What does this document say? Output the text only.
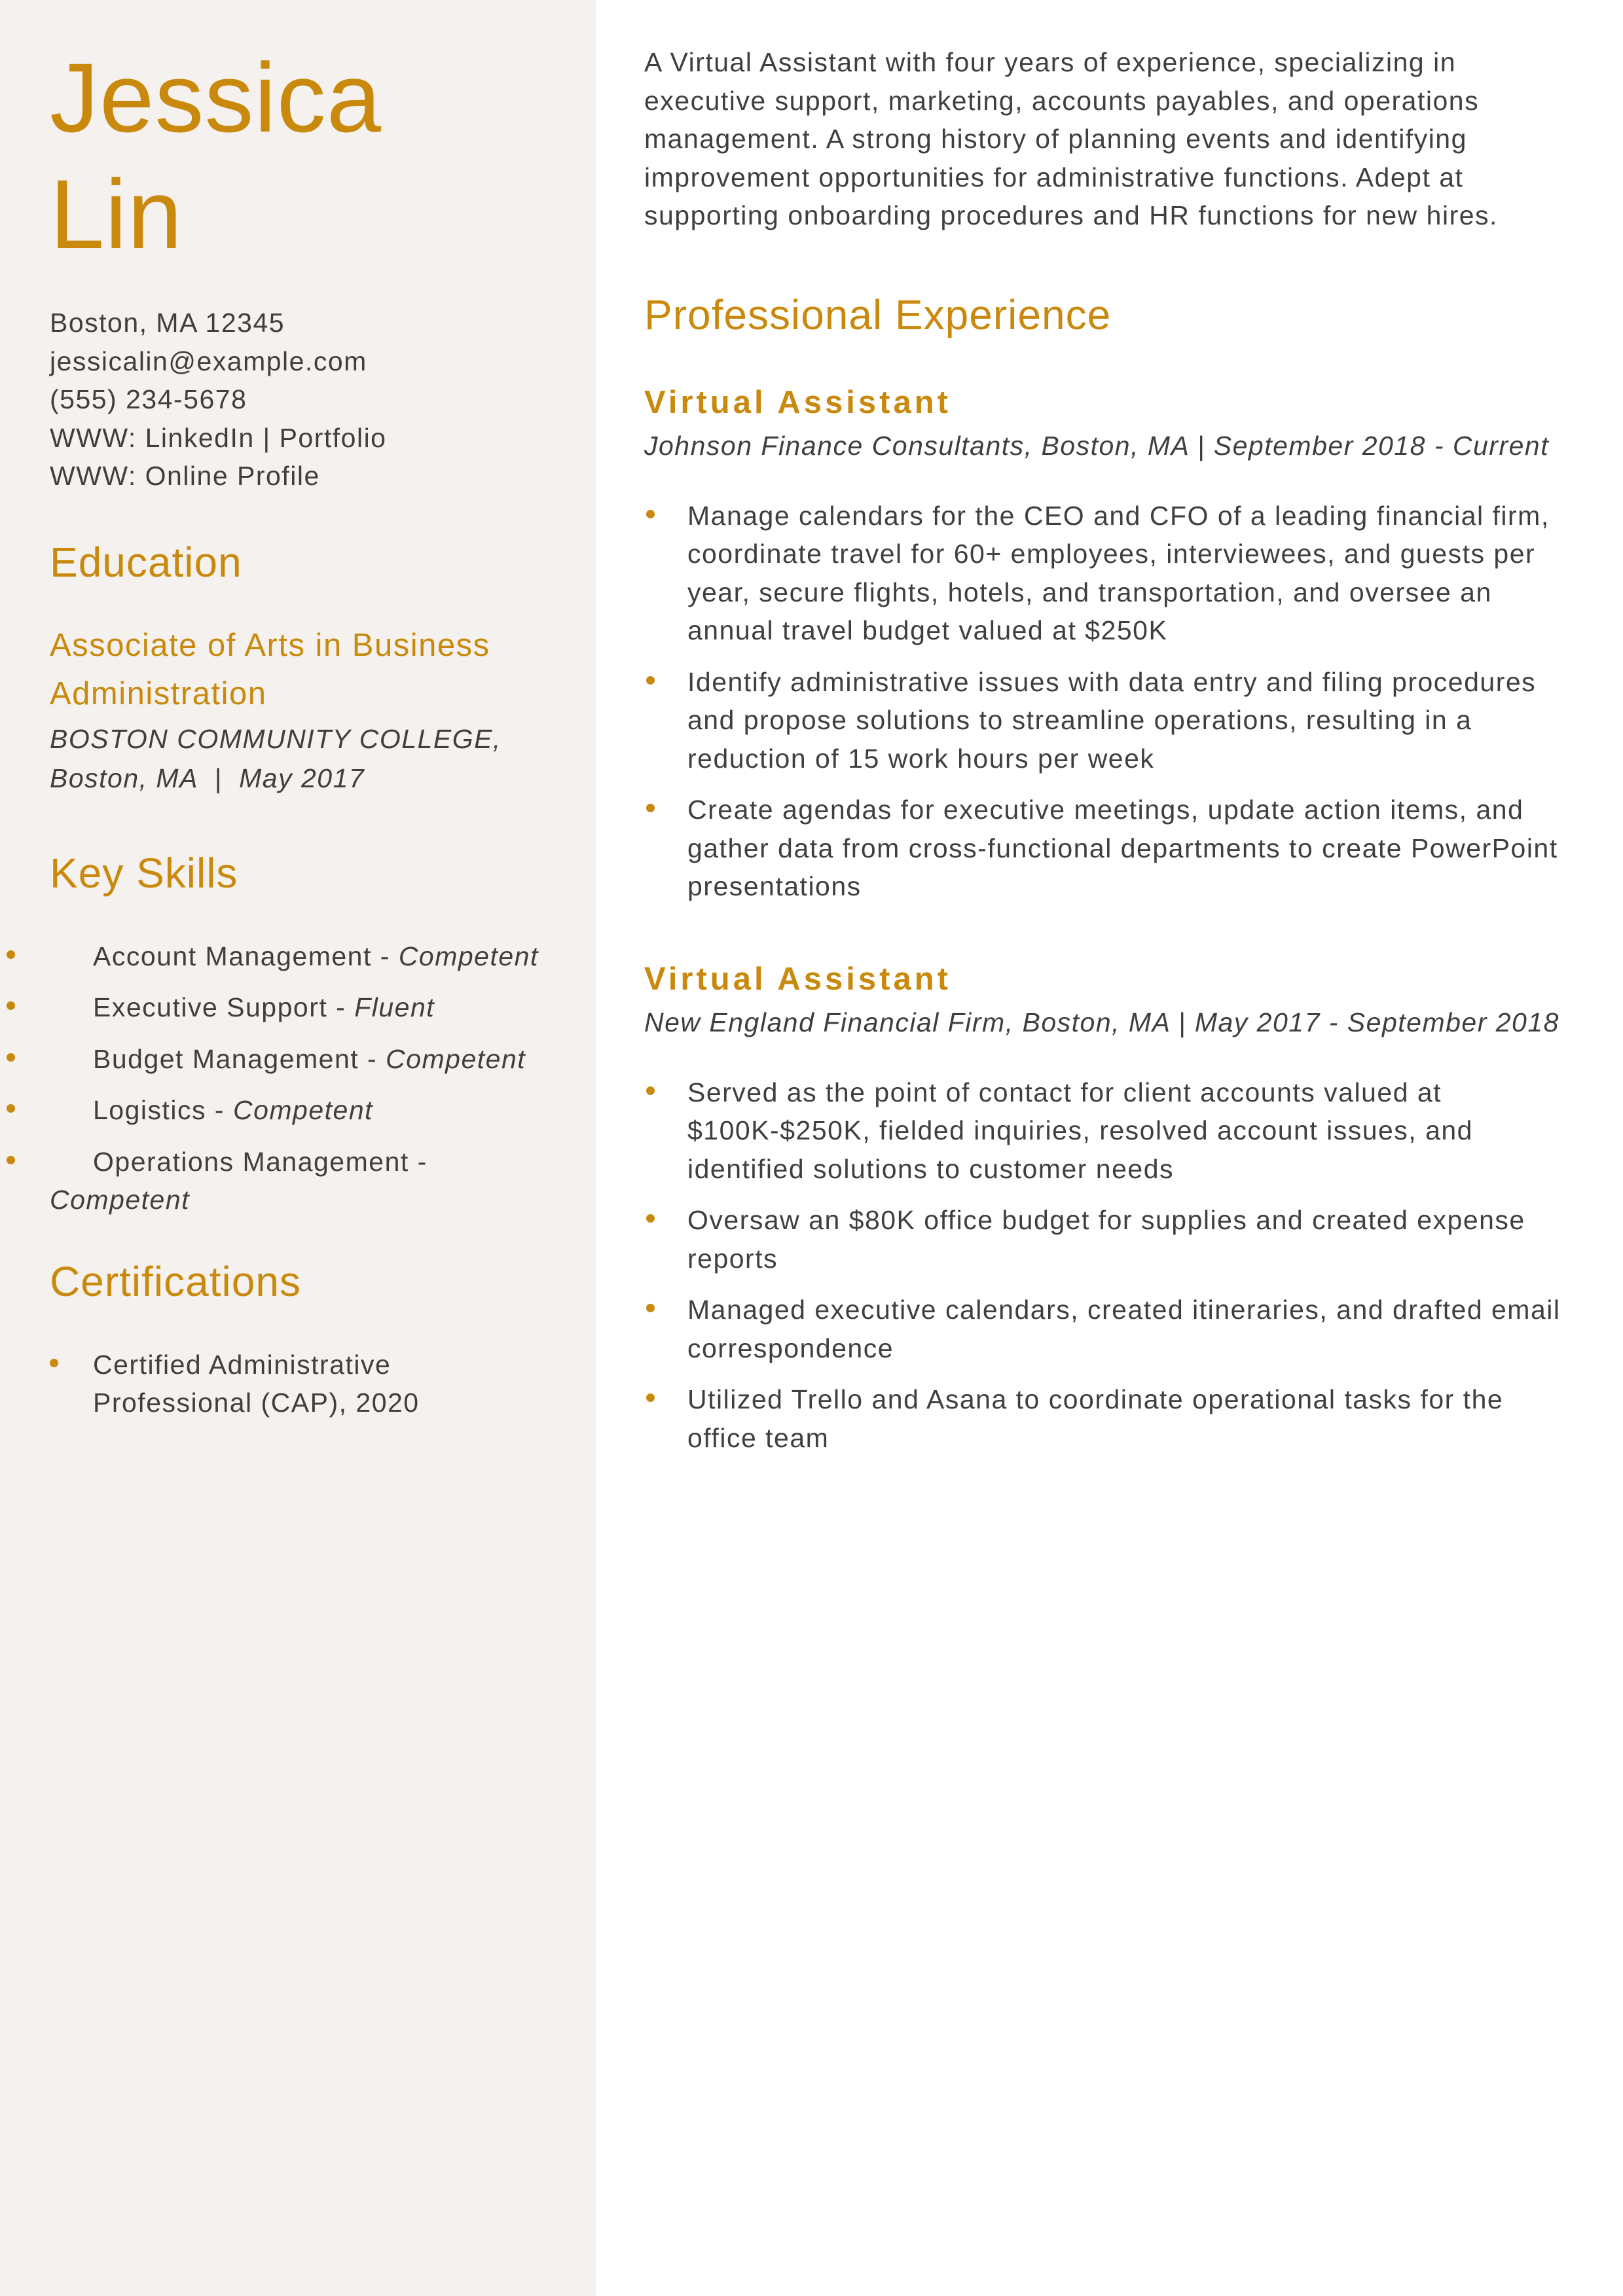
Jessica
Lin
Boston, MA 12345
jessicalin@example.com
(555) 234-5678
WWW: LinkedIn | Portfolio
WWW: Online Profile
Education
Associate of Arts in Business Administration
BOSTON COMMUNITY COLLEGE,
Boston, MA  |  May 2017
Key Skills
Account Management - Competent
Executive Support - Fluent
Budget Management - Competent
Logistics - Competent
Operations Management - Competent
Certifications
Certified Administrative Professional (CAP), 2020

A Virtual Assistant with four years of experience, specializing in executive support, marketing, accounts payables, and operations management. A strong history of planning events and identifying improvement opportunities for administrative functions. Adept at supporting onboarding procedures and HR functions for new hires.

Professional Experience
Virtual Assistant
Johnson Finance Consultants, Boston, MA | September 2018 - Current
Manage calendars for the CEO and CFO of a leading financial firm, coordinate travel for 60+ employees, interviewees, and guests per year, secure flights, hotels, and transportation, and oversee an annual travel budget valued at $250K
Identify administrative issues with data entry and filing procedures and propose solutions to streamline operations, resulting in a reduction of 15 work hours per week
Create agendas for executive meetings, update action items, and gather data from cross-functional departments to create PowerPoint presentations
Virtual Assistant
New England Financial Firm, Boston, MA | May 2017 - September 2018
Served as the point of contact for client accounts valued at $100K-$250K, fielded inquiries, resolved account issues, and identified solutions to customer needs
Oversaw an $80K office budget for supplies and created expense reports
Managed executive calendars, created itineraries, and drafted email correspondence
Utilized Trello and Asana to coordinate operational tasks for the office team
